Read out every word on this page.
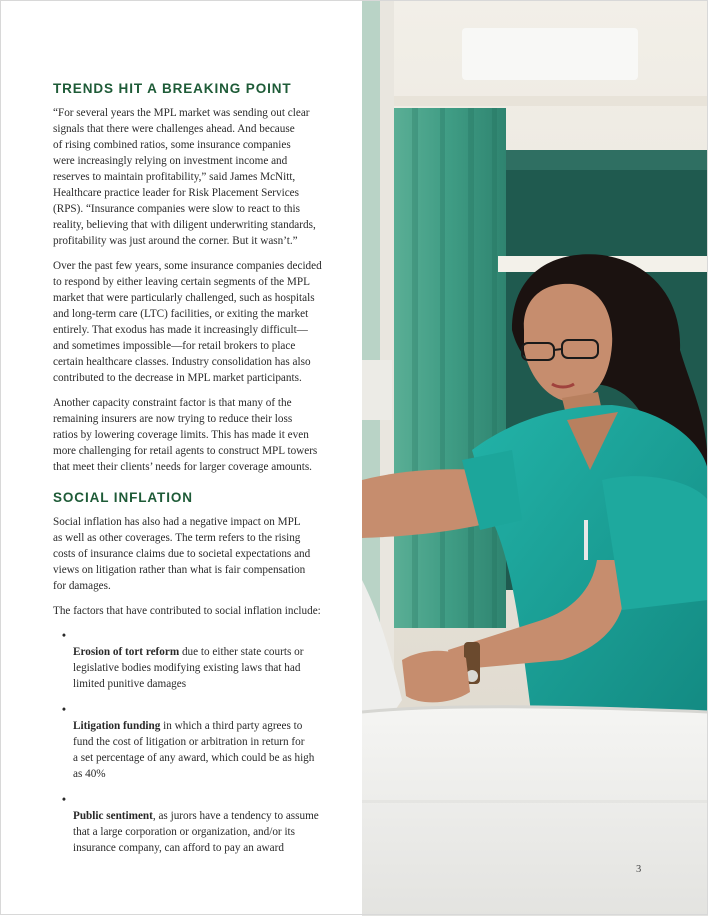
TRENDS HIT A BREAKING POINT

“For several years the MPL market was sending out clear
signals that there were challenges ahead. And because
of rising combined ratios, some insurance companies
were increasingly relying on investment income and
reserves to maintain profitability,” said James McNitt,
Healthcare practice leader for Risk Placement Services
(RPS). “Insurance companies were slow to react to this
reality, believing that with diligent underwriting standards,
profitability was just around the corner. But it wasn’t.”

Over the past few years, some insurance companies decided
to respond by either leaving certain segments of the MPL
market that were particularly challenged, such as hospitals
and long-term care (LTC) facilities, or exiting the market
entirely. That exodus has made it increasingly difficult—
and sometimes impossible—for retail brokers to place
certain healthcare classes. Industry consolidation has also
contributed to the decrease in MPL market participants.

Another capacity constraint factor is that many of the
remaining insurers are now trying to reduce their loss
ratios by lowering coverage limits. This has made it even
more challenging for retail agents to construct MPL towers
that meet their clients’ needs for larger coverage amounts.

SOCIAL INFLATION

Social inflation has also had a negative impact on MPL
as well as other coverages. The term refers to the rising
costs of insurance claims due to societal expectations and
views on litigation rather than what is fair compensation
for damages.

The factors that have contributed to social inflation include:

•
Erosion of tort reform due to either state courts or
legislative bodies modifying existing laws that had
limited punitive damages

•
Litigation funding in which a third party agrees to
fund the cost of litigation or arbitration in return for
a set percentage of any award, which could be as high
as 40%

•
Public sentiment, as jurors have a tendency to assume
that a large corporation or organization, and/or its
insurance company, can afford to pay an award

3
